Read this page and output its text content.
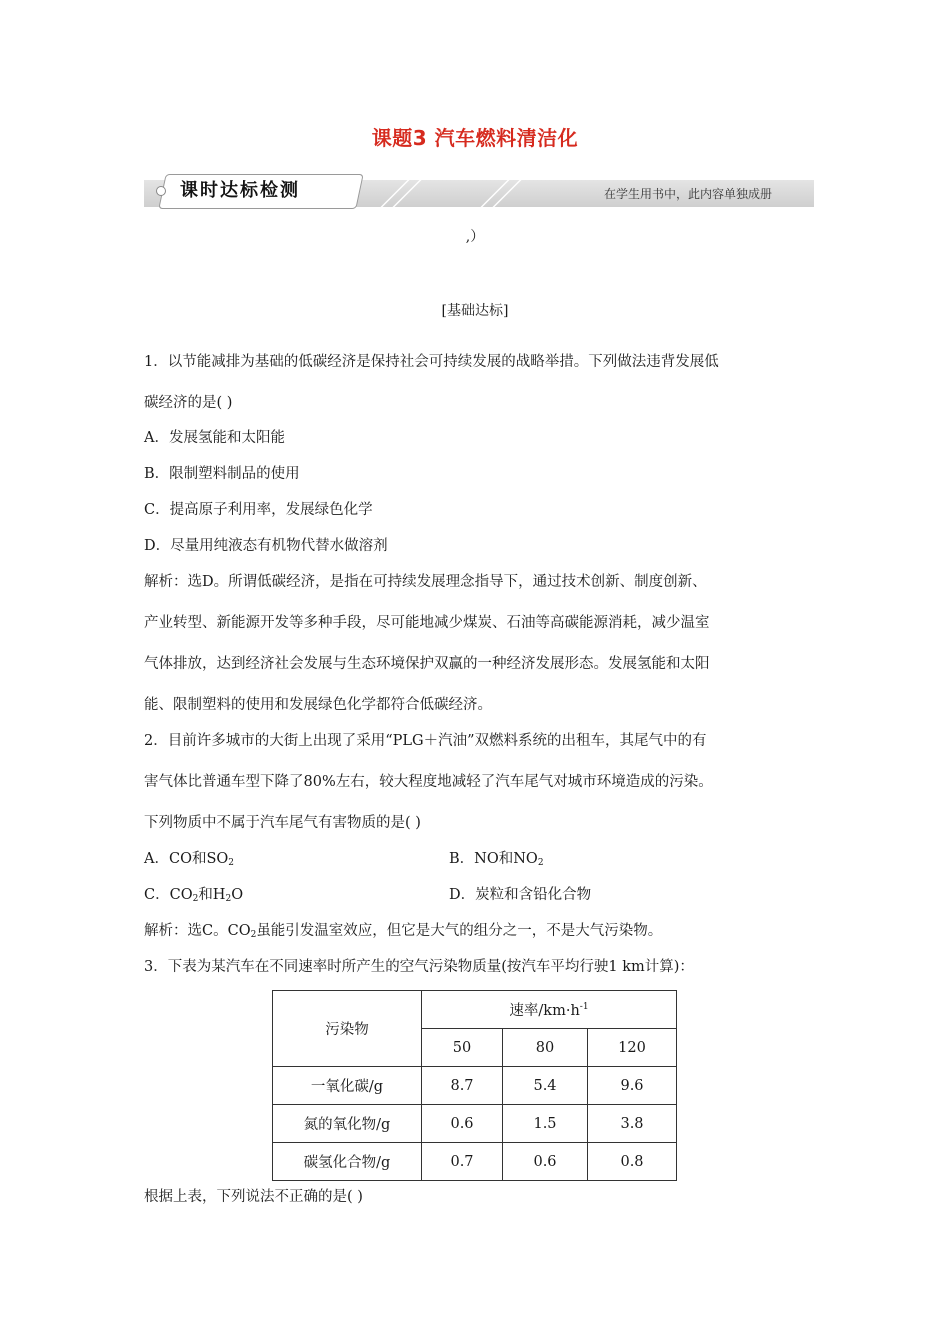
课题3 汽车燃料清洁化
课时达标检测	在学生用书中，此内容单独成册
,）
[基础达标]
1．以节能减排为基础的低碳经济是保持社会可持续发展的战略举措。下列做法违背发展低
碳经济的是( )
A．发展氢能和太阳能
B．限制塑料制品的使用
C．提高原子利用率，发展绿色化学
D．尽量用纯液态有机物代替水做溶剂
解析：选D。所谓低碳经济，是指在可持续发展理念指导下，通过技术创新、制度创新、
产业转型、新能源开发等多种手段，尽可能地减少煤炭、石油等高碳能源消耗，减少温室
气体排放，达到经济社会发展与生态环境保护双赢的一种经济发展形态。发展氢能和太阳
能、限制塑料的使用和发展绿色化学都符合低碳经济。
2．目前许多城市的大街上出现了采用“PLG＋汽油”双燃料系统的出租车，其尾气中的有
害气体比普通车型下降了80%左右，较大程度地减轻了汽车尾气对城市环境造成的污染。
下列物质中不属于汽车尾气有害物质的是( )
A．CO和$SO_2$	B．NO和$NO_2$
C．$CO_2$和$H_2O$	D．炭粒和含铅化合物
解析：选C。$CO_2$虽能引发温室效应，但它是大气的组分之一，不是大气污染物。
3．下表为某汽车在不同速率时所产生的空气污染物质量(按汽车平均行驶1 km计算)：
污染物	速率$/km\cdot h^{-1}$
	50	80	120
一氧化碳/g	8.7	5.4	9.6
氮的氧化物/g	0.6	1.5	3.8
碳氢化合物/g	0.7	0.6	0.8
根据上表，下列说法不正确的是( )
